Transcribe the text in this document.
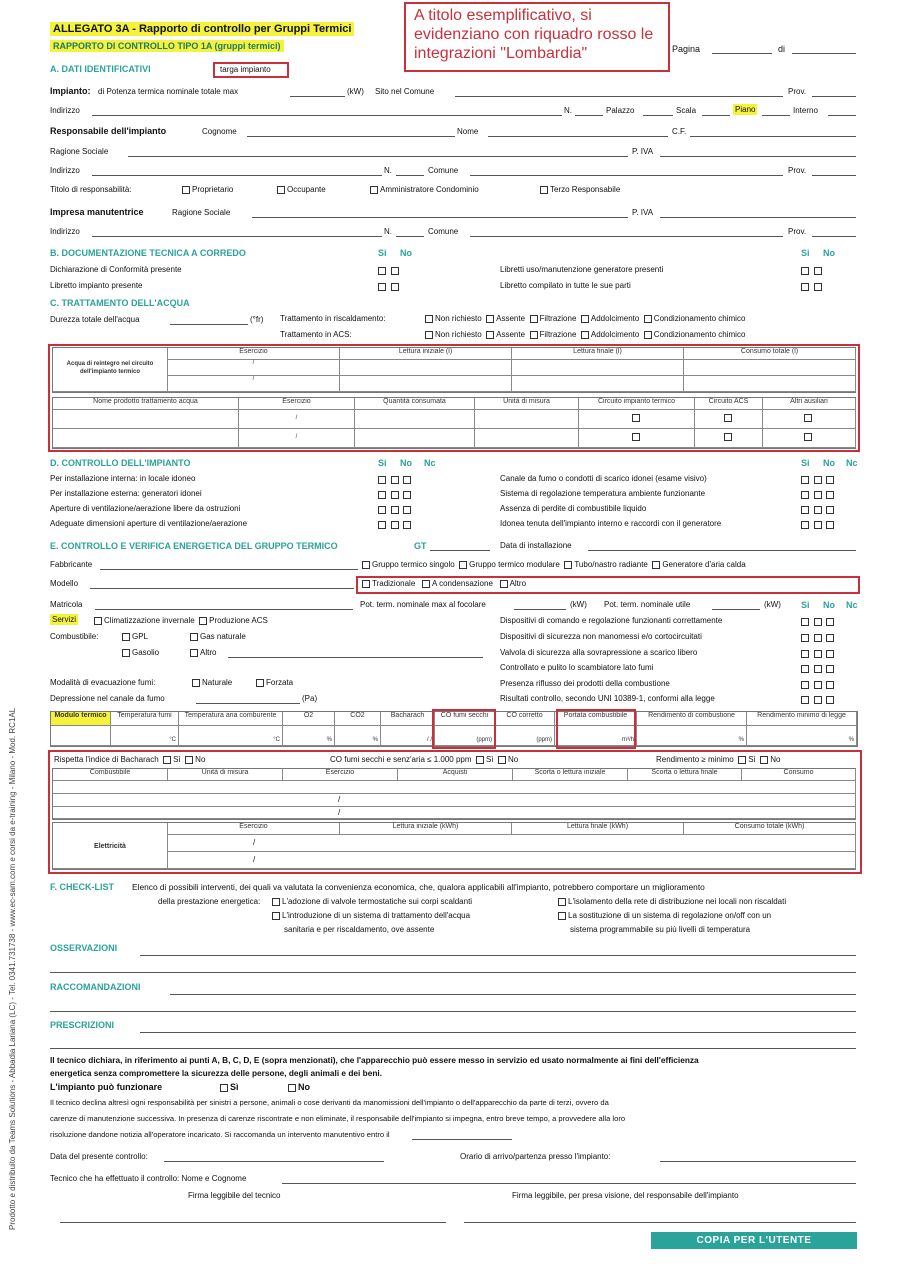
ALLEGATO 3A - Rapporto di controllo per Gruppi Termici
RAPPORTO DI CONTROLLO TIPO 1A (gruppi termici)
A titolo esemplificativo, si evidenziano con riquadro rosso le integrazioni "Lombardia"	Pagina	di
A. DATI IDENTIFICATIVI	targa impianto
Impianto: di Potenza termica nominale totale max	(kW) Sito nel Comune	Prov.
Indirizzo	N.	Palazzo	Scala	Piano	Interno
Responsabile dell'impianto	Cognome	Nome	C.F.
Ragione Sociale	P. IVA
Indirizzo	N.	Comune	Prov.
Titolo di responsabilità:	Proprietario	Occupante	Amministratore Condominio	Terzo Responsabile
Impresa manutentrice	Ragione Sociale	P. IVA
Indirizzo	N.	Comune	Prov.
B. DOCUMENTAZIONE TECNICA A CORREDO	Si No	Si No
Dichiarazione di Conformità presente

Libretto impianto presente

Libretti uso/manutenzione generatore presenti

Libretto compilato in tutte le sue parti

C. TRATTAMENTO DELL'ACQUA
Durezza totale dell'acqua	(°fr) Trattamento in riscaldamento:
Trattamento in ACS:
Non richiesto Assente Filtrazione Addolcimento Condizionamento chimico
Non richiesto Assente Filtrazione Addolcimento Condizionamento chimico
Acqua di reintegro nel circuito dell'impianto termico
Esercizio	Lettura iniziale (l)	Lettura finale (l)	Consumo totale (l)
/
/
Nome prodotto trattamento acqua	Esercizio	Quantità consumata	Unità di misura	Circuito impianto termico	Circuito ACS	Altri ausiliari
/
/
D. CONTROLLO DELL'IMPIANTO	Si No Nc	Si No Nc
Per installazione interna: in locale idoneo

Per installazione esterna: generatori idonei

Aperture di ventilazione/aerazione libere da ostruzioni

Adeguate dimensioni aperture di ventilazione/aerazione

Canale da fumo o condotti di scarico idonei (esame visivo)

Sistema di regolazione temperatura ambiente funzionante

Assenza di perdite di combustibile liquido

Idonea tenuta dell'impianto interno e raccordi con il generatore

E. CONTROLLO E VERIFICA ENERGETICA DEL GRUPPO TERMICO	GT	Data di installazione
Fabbricante	Gruppo termico singolo Gruppo termico modulare Tubo/nastro radiante Generatore d'aria calda
Modello	Tradizionale A condensazione Altro
Matricola	Pot. term. nominale max al focolare	(kW) Pot. term. nominale utile	(kW) Si No Nc
Servizi	Climatizzazione invernale Produzione ACS
Combustibile:	GPL	Gas naturale
Gasolio	Altro
Modalità di evacuazione fumi:	Naturale	Forzata
Depressione nel canale da fumo	(Pa)
Dispositivi di comando e regolazione funzionanti correttamente

Dispositivi di sicurezza non manomessi e/o cortocircuitati

Valvola di sicurezza alla sovrapressione a scarico libero

Controllato e pulito lo scambiatore lato fumi

Presenza riflusso dei prodotti della combustione

Risultati controllo, secondo UNI 10389-1, conformi alla legge

Modulo termico	Temperatura fumi	Temperatura aria comburente	O2	CO2	Bacharach	CO fumi secchi	CO corretto	Portata combustibile	Rendimento di combustione	Rendimento minimo di legge
°C	°C	%	%	/ /	(ppm)	(ppm)	m³/h	%	%
Rispetta l'indice di Bacharach Sì No	CO fumi secchi e senz'aria ≤ 1.000 ppm Sì No	Rendimento ≥ minimo Sì No
Combustibile	Unità di misura	Esercizio	Acquisti	Scorta o lettura iniziale	Scorta o lettura finale	Consumo
/
/
Elettricità
Esercizio	Lettura iniziale (kWh)	Lettura finale (kWh)	Consumo totale (kWh)
/
/
F. CHECK-LIST Elenco di possibili interventi, dei quali va valutata la convenienza economica, che, qualora applicabili all'impianto, potrebbero comportare un miglioramento
della prestazione energetica:	L'adozione di valvole termostatiche sui corpi scaldanti	L'isolamento della rete di distribuzione nei locali non riscaldati
L'introduzione di un sistema di trattamento dell'acqua	La sostituzione di un sistema di regolazione on/off con un
sanitaria e per riscaldamento, ove assente	sistema programmabile su più livelli di temperatura
OSSERVAZIONI
RACCOMANDAZIONI
PRESCRIZIONI
Il tecnico dichiara, in riferimento ai punti A, B, C, D, E (sopra menzionati), che l'apparecchio può essere messo in servizio ed usato normalmente ai fini dell'efficienza
energetica senza compromettere la sicurezza delle persone, degli animali e dei beni.
L'impianto può funzionare	Sì	No
Il tecnico declina altresì ogni responsabilità per sinistri a persone, animali o cose derivanti da manomissioni dell'impianto o dell'apparecchio da parte di terzi, ovvero da
carenze di manutenzione successiva. In presenza di carenze riscontrate e non eliminate, il responsabile dell'impianto si impegna, entro breve tempo, a provvedere alla loro
risoluzione dandone notizia all'operatore incaricato. Si raccomanda un intervento manutentivo entro il
Data del presente controllo:	Orario di arrivo/partenza presso l'impianto:
Tecnico che ha effettuato il controllo: Nome e Cognome
Firma leggibile del tecnico	Firma leggibile, per presa visione, del responsabile dell'impianto
COPIA PER L'UTENTE
Prodotto e distribuito da Teams Solutions - Abbadia Lariana (LC) - Tel. 0341.731738 - www.ec-sam.com e corsi da e-training - Milano - Mod. RC1AL
